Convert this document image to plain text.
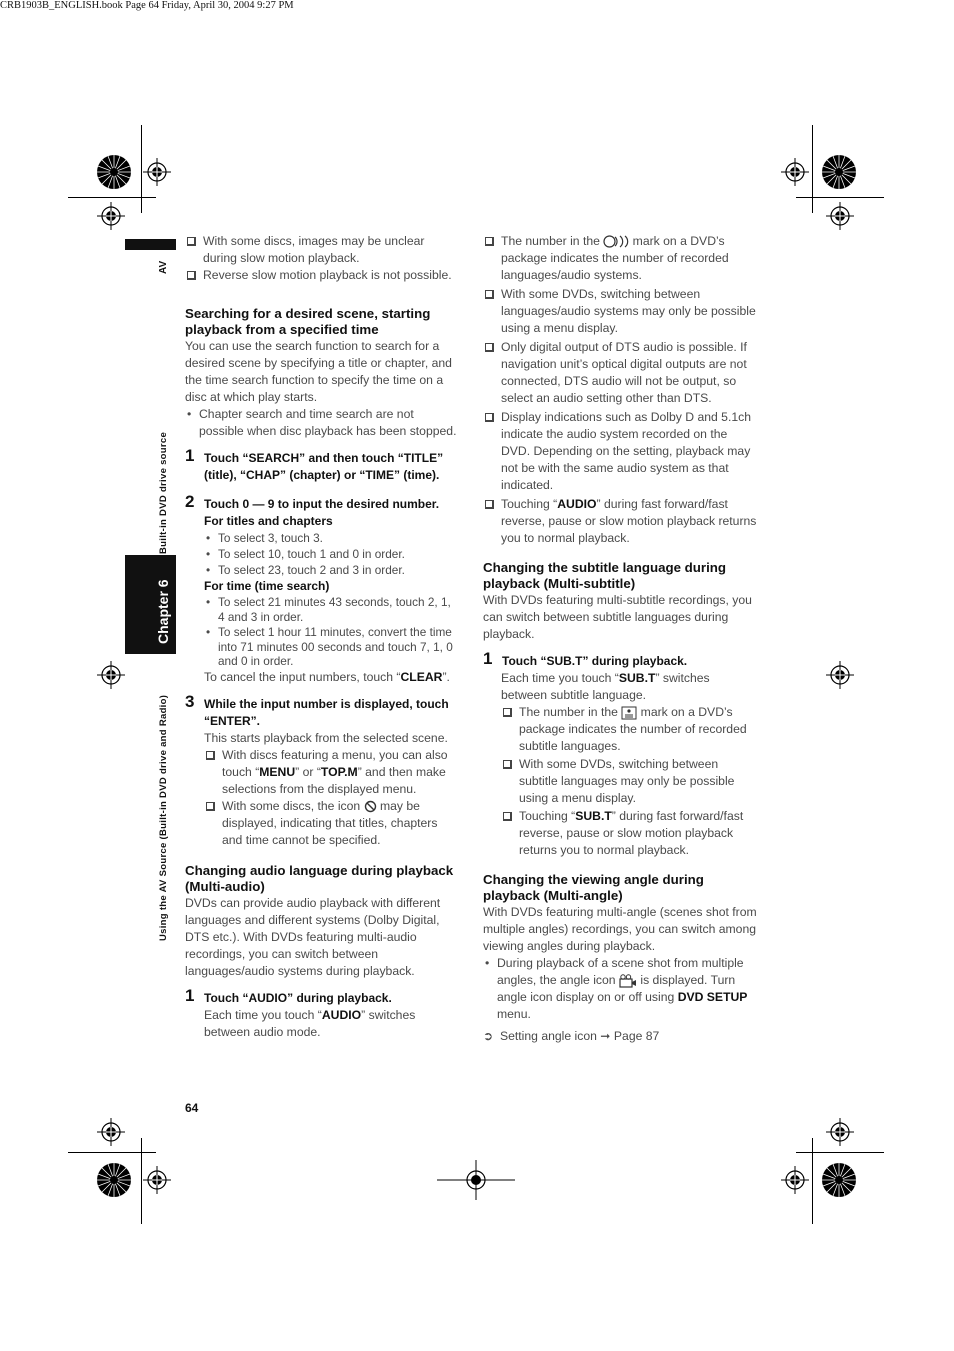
CRB1903B_ENGLISH.book Page 64 Friday, April 30, 2004 9:27 PM
AV
Chapter 6
Built-in DVD drive source
Using the AV Source (Built-in DVD drive and Radio)

With some discs, images may be unclear during slow motion playback.

Reverse slow motion playback is not possible.

Searching for a desired scene, starting playback from a specified time

You can use the search function to search for a desired scene by specifying a title or chapter, and the time search function to specify the time on a disc at which play starts.

• Chapter search and time search are not possible when disc playback has been stopped.

1 Touch “SEARCH” and then touch “TITLE” (title), “CHAP” (chapter) or “TIME” (time).

2 Touch 0 — 9 to input the desired number.

For titles and chapters

• To select 3, touch 3.

• To select 10, touch 1 and 0 in order.

• To select 23, touch 2 and 3 in order.

For time (time search)

• To select 21 minutes 43 seconds, touch 2, 1, 4 and 3 in order.

• To select 1 hour 11 minutes, convert the time into 71 minutes 00 seconds and touch 7, 1, 0 and 0 in order.

To cancel the input numbers, touch “CLEAR”.

3 While the input number is displayed, touch “ENTER”.

This starts playback from the selected scene.

With discs featuring a menu, you can also touch “MENU” or “TOP.M” and then make selections from the displayed menu.

With some discs, the icon  may be displayed, indicating that titles, chapters and time cannot be specified.

Changing audio language during playback (Multi-audio)

DVDs can provide audio playback with different languages and different systems (Dolby Digital, DTS etc.). With DVDs featuring multi-audio recordings, you can switch between languages/audio systems during playback.

1 Touch “AUDIO” during playback.

Each time you touch “AUDIO” switches between audio mode.

64

The number in the  mark on a DVD’s package indicates the number of recorded languages/audio systems.

With some DVDs, switching between languages/audio systems may only be possible using a menu display.

Only digital output of DTS audio is possible. If navigation unit’s optical digital outputs are not connected, DTS audio will not be output, so select an audio setting other than DTS.

Display indications such as Dolby D and 5.1ch indicate the audio system recorded on the DVD. Depending on the setting, playback may not be with the same audio system as that indicated.

Touching “AUDIO” during fast forward/fast reverse, pause or slow motion playback returns you to normal playback.

Changing the subtitle language during playback (Multi-subtitle)

With DVDs featuring multi-subtitle recordings, you can switch between subtitle languages during playback.

1 Touch “SUB.T” during playback.

Each time you touch “SUB.T” switches between subtitle language.

The number in the  mark on a DVD’s package indicates the number of recorded subtitle languages.

With some DVDs, switching between subtitle languages may only be possible using a menu display.

Touching “SUB.T” during fast forward/fast reverse, pause or slow motion playback returns you to normal playback.

Changing the viewing angle during playback (Multi-angle)

With DVDs featuring multi-angle (scenes shot from multiple angles) recordings, you can switch among viewing angles during playback.

• During playback of a scene shot from multiple angles, the angle icon  is displayed. Turn angle icon display on or off using DVD SETUP menu.

➲ Setting angle icon ➞ Page 87
